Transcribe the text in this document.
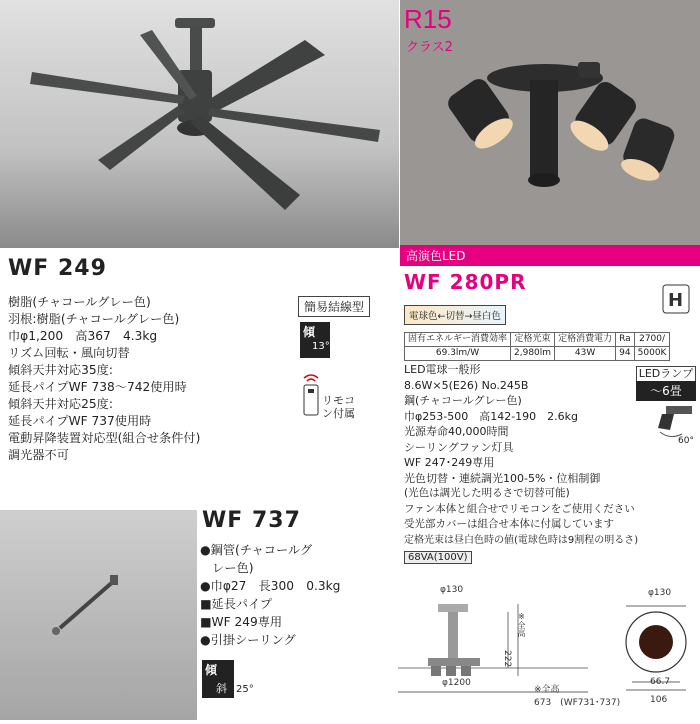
R15
クラス2
高演色LED
WF 249
樹脂(チャコールグレー色)
羽根:樹脂(チャコールグレー色)
巾φ1,200　高367　4.3kg
リズム回転・風向切替
傾斜天井対応35度:
延長パイプWF 738～742使用時
傾斜天井対応25度:
延長パイプWF 737使用時
電動昇降装置対応型(組合せ条件付)
調光器不可
簡易結線型
傾
13°
リモコン付属
WF 737
●鋼管(チャコールグ
　レー色)
●巾φ27　長300　0.3kg
■延長パイプ
■WF 249専用
●引掛シーリング
傾
斜 25°
WF 280PR
電球色←切替→昼白色
H
固有エネルギー消費効率	定格光束	定格消費電力	Ra	2700/
69.3lm/W	2,980lm	43W	94	5000K
LED電球一般形
8.6W×5(E26) No.245B
鋼(チャコールグレー色)
巾φ253-500　高142-190　2.6kg
光源寿命40,000時間
シーリングファン灯具
WF 247･249専用
光色切替・連続調光100-5%・位相制御
(光色は調光した明るさで切替可能)
ファン本体と組合せでリモコンをご使用ください
受光部カバーは組合せ本体に付属しています
定格光束は昼白色時の値(電球色時は9割程の明るさ)
68VA(100V)
LEDランプ
～6畳
60°
φ130
222
※全高
φ1200
※全高
673　(WF731･737)
φ130
66.7
106
